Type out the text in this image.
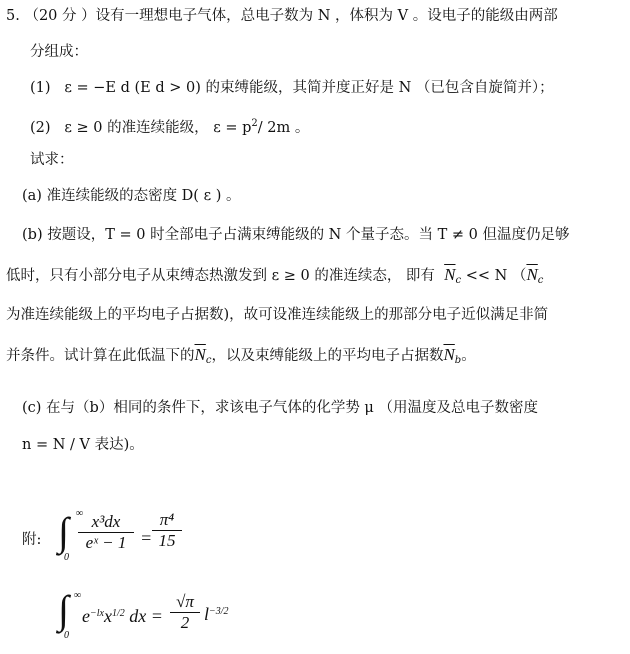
5. （20 分 ）设有一理想电子气体，总电子数为 N ，体积为 V 。设电子的能级由两部
分组成：
(1) ε = −E d (E d > 0) 的束缚能级，其简并度正好是 N （已包含自旋简并）；
(2) ε ≥ 0 的准连续能级， $\varepsilon = p^2/$ 2m 。
试求：
(a) 准连续能级的态密度 D( ε ) 。
(b) 按题设，T = 0 时全部电子占满束缚能级的 N 个量子态。当 T ≠ 0 但温度仍足够
低时，只有小部分电子从束缚态热激发到 ε ≥ 0 的准连续态， 即有 $\overline{N}_c << N$ （$\overline{N}_c$
为准连续能级上的平均电子占据数)，故可设准连续能级上的那部分电子近似满足非简
并条件。试计算在此低温下的$\overline{N}_c$，以及束缚能级上的平均电子占据数$\overline{N}_b$。
(c) 在与（b）相同的条件下，求该电子气体的化学势 μ （用温度及总电子数密度
n = N / V 表达)。
附: ∫ ∞
0
$\frac{\text{x³dx}}{\text{eˣ − 1}} = \frac{\text{π⁴}}{15}$
∫ ∞
0
$e^{-lx}x^{1/2}$ dx = $\frac{√\pi}{2} l^{-3/2}$
